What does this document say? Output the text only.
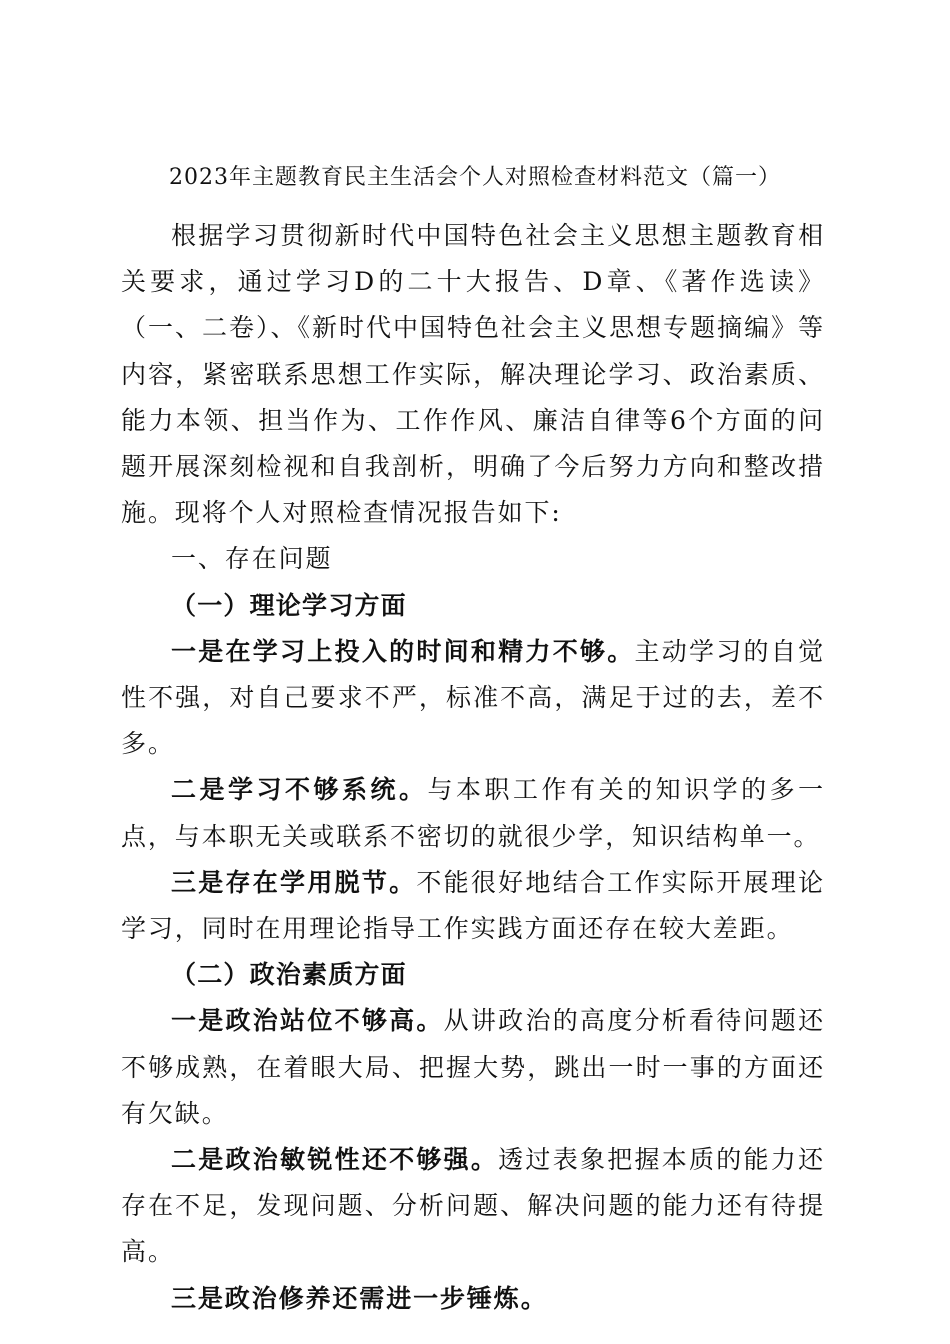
2023年主题教育民主生活会个人对照检查材料范文（篇一）

根据学习贯彻新时代中国特色社会主义思想主题教育相关要求，通过学习D的二十大报告、D章、《著作选读》（一、二卷）、《新时代中国特色社会主义思想专题摘编》等内容，紧密联系思想工作实际，解决理论学习、政治素质、能力本领、担当作为、工作作风、廉洁自律等6个方面的问题开展深刻检视和自我剖析，明确了今后努力方向和整改措施。现将个人对照检查情况报告如下:

一、存在问题

（一）理论学习方面

一是在学习上投入的时间和精力不够。主动学习的自觉性不强，对自己要求不严，标准不高，满足于过的去，差不多。

二是学习不够系统。与本职工作有关的知识学的多一点，与本职无关或联系不密切的就很少学，知识结构单一。

三是存在学用脱节。不能很好地结合工作实际开展理论学习，同时在用理论指导工作实践方面还存在较大差距。

（二）政治素质方面

一是政治站位不够高。从讲政治的高度分析看待问题还不够成熟，在着眼大局、把握大势，跳出一时一事的方面还有欠缺。

二是政治敏锐性还不够强。透过表象把握本质的能力还存在不足，发现问题、分析问题、解决问题的能力还有待提高。

三是政治修养还需进一步锤炼。
